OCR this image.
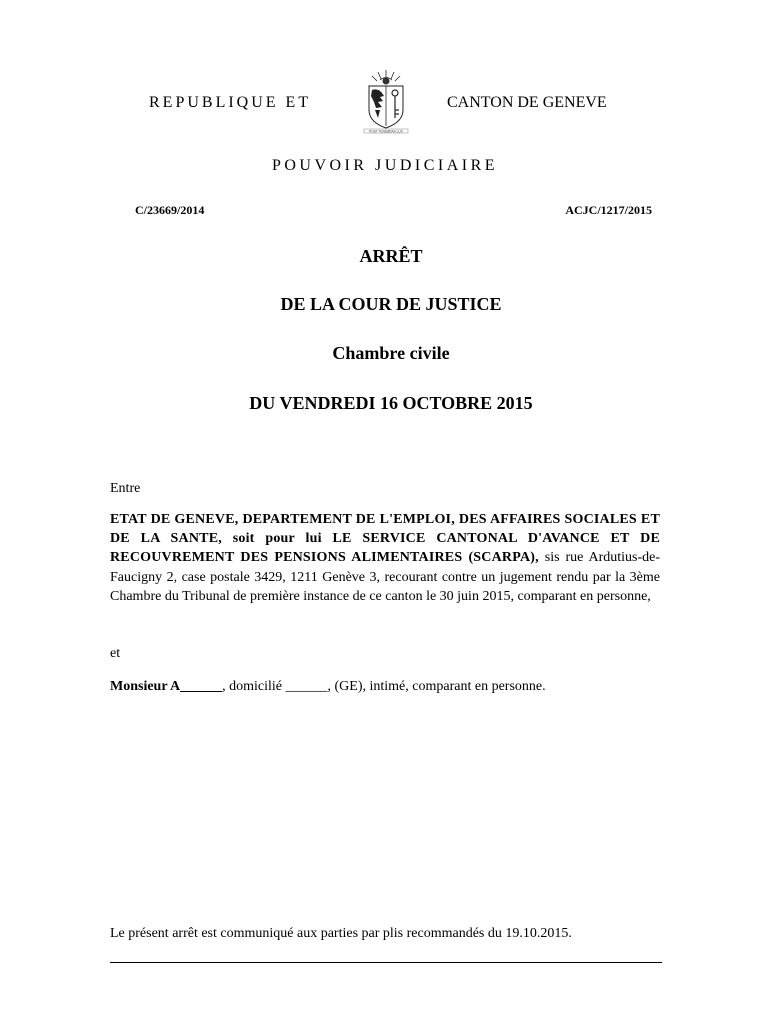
REPUBLIQUE ET
POST TENEBRAS LUX
CANTON DE GENEVE
POUVOIR JUDICIAIRE
C/23669/2014	ACJC/1217/2015
ARRÊT
DE LA COUR DE JUSTICE
Chambre civile
DU VENDREDI 16 OCTOBRE 2015
Entre
ETAT DE GENEVE, DEPARTEMENT DE L'EMPLOI, DES AFFAIRES SOCIALES ET DE LA SANTE, soit pour lui LE SERVICE CANTONAL D'AVANCE ET DE RECOUVREMENT DES PENSIONS ALIMENTAIRES (SCARPA), sis rue Ardutius-de-Faucigny 2, case postale 3429, 1211 Genève 3, recourant contre un jugement rendu par la 3ème Chambre du Tribunal de première instance de ce canton le 30 juin 2015, comparant en personne,
et
Monsieur A______, domicilié ______, (GE), intimé, comparant en personne.
Le présent arrêt est communiqué aux parties par plis recommandés du 19.10.2015.
